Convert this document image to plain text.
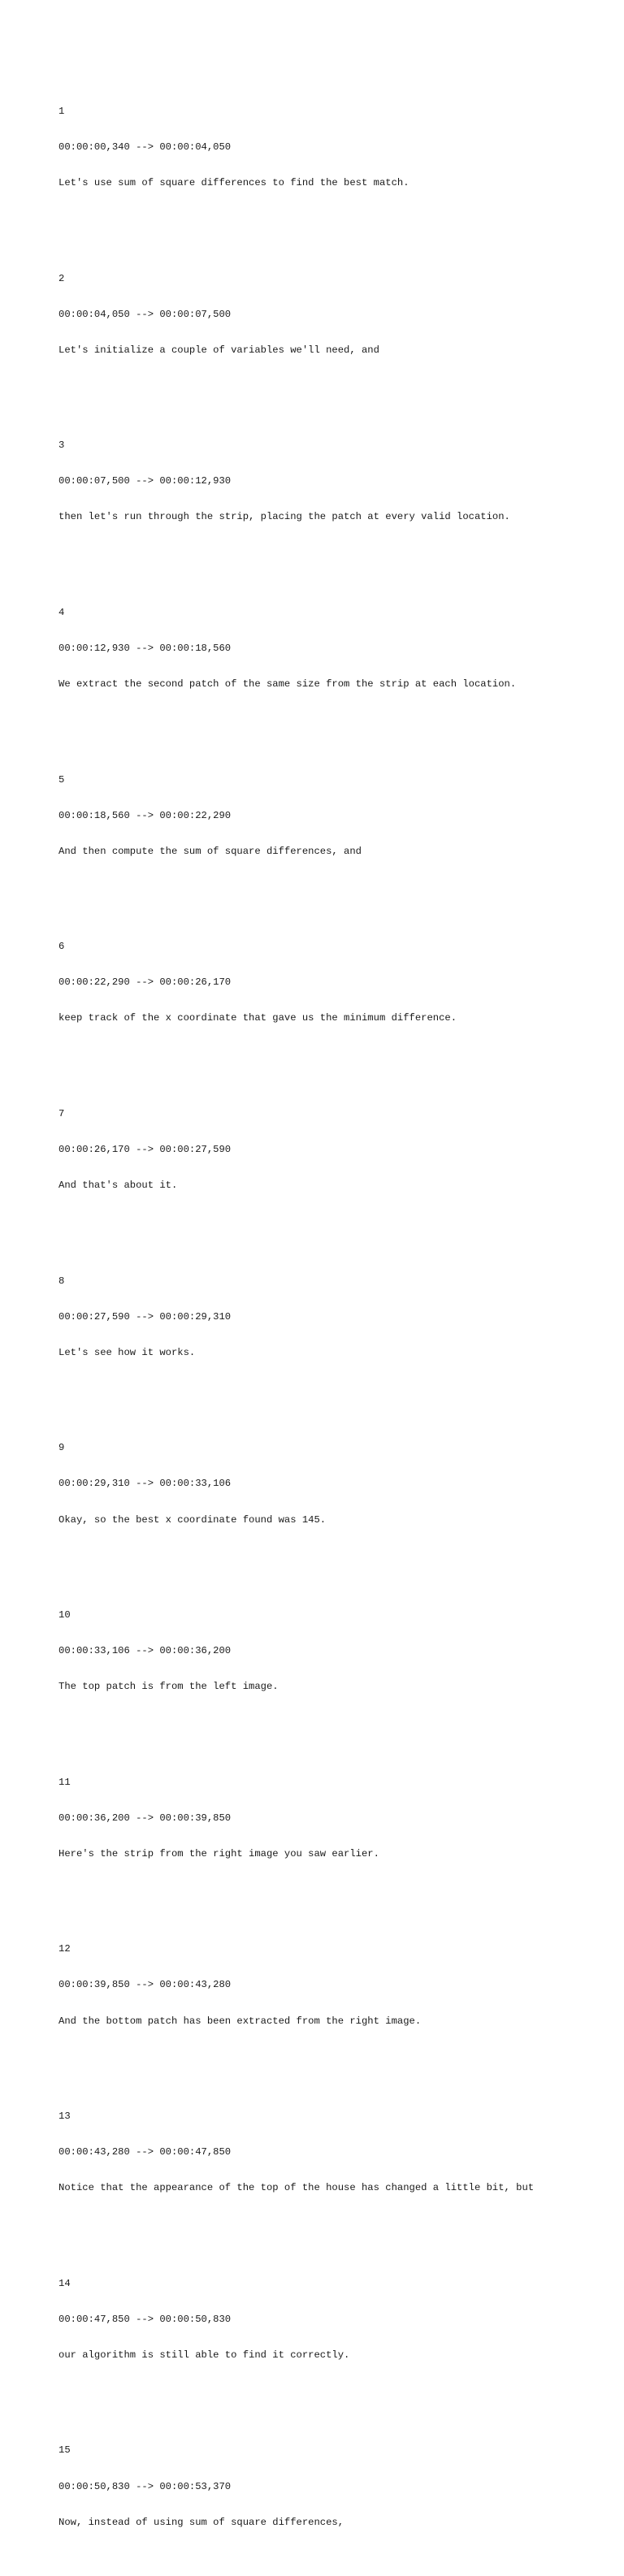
1

00:00:00,340 --> 00:00:04,050

Let's use sum of square differences to find the best match.

2

00:00:04,050 --> 00:00:07,500

Let's initialize a couple of variables we'll need, and

3

00:00:07,500 --> 00:00:12,930

then let's run through the strip, placing the patch at every valid location.

4

00:00:12,930 --> 00:00:18,560

We extract the second patch of the same size from the strip at each location.

5

00:00:18,560 --> 00:00:22,290

And then compute the sum of square differences, and

6

00:00:22,290 --> 00:00:26,170

keep track of the x coordinate that gave us the minimum difference.

7

00:00:26,170 --> 00:00:27,590

And that's about it.

8

00:00:27,590 --> 00:00:29,310

Let's see how it works.

9

00:00:29,310 --> 00:00:33,106

Okay, so the best x coordinate found was 145.

10

00:00:33,106 --> 00:00:36,200

The top patch is from the left image.

11

00:00:36,200 --> 00:00:39,850

Here's the strip from the right image you saw earlier.

12

00:00:39,850 --> 00:00:43,280

And the bottom patch has been extracted from the right image.

13

00:00:43,280 --> 00:00:47,850

Notice that the appearance of the top of the house has changed a little bit, but

14

00:00:47,850 --> 00:00:50,830

our algorithm is still able to find it correctly.

15

00:00:50,830 --> 00:00:53,370

Now, instead of using sum of square differences,
